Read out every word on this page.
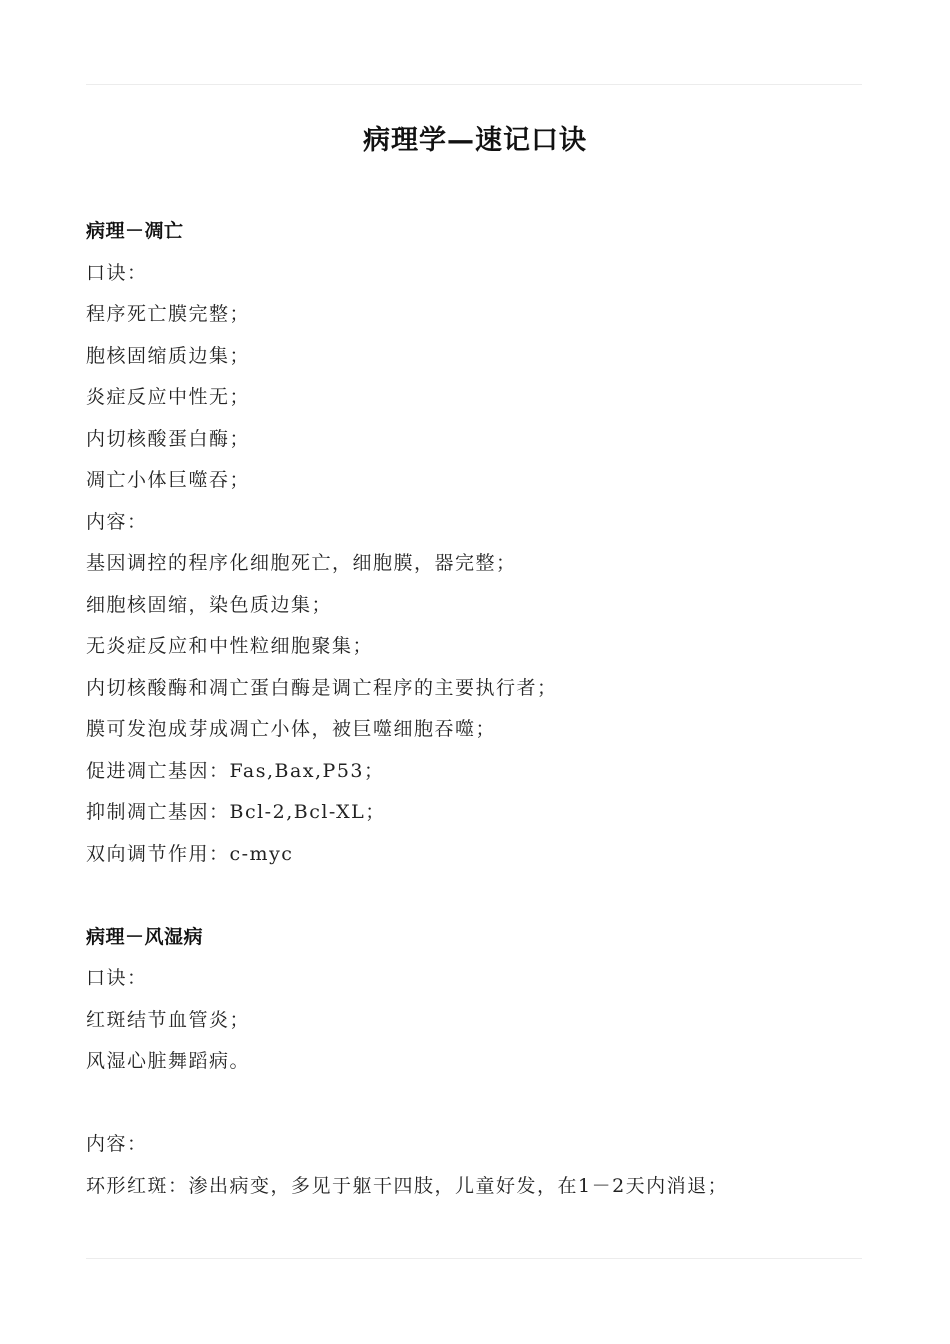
病理学—速记口诀
病理－凋亡
口诀：
程序死亡膜完整；
胞核固缩质边集；
炎症反应中性无；
内切核酸蛋白酶；
凋亡小体巨噬吞；
内容：
基因调控的程序化细胞死亡，细胞膜，器完整；
细胞核固缩，染色质边集；
无炎症反应和中性粒细胞聚集；
内切核酸酶和凋亡蛋白酶是调亡程序的主要执行者；
膜可发泡成芽成凋亡小体，被巨噬细胞吞噬；
促进凋亡基因：Fas,Bax,P53；
抑制凋亡基因：Bcl-2,Bcl-XL；
双向调节作用：c-myc
病理－风湿病
口诀：
红斑结节血管炎；
风湿心脏舞蹈病。
内容：
环形红斑：渗出病变，多见于躯干四肢，儿童好发，在1－2天内消退；
